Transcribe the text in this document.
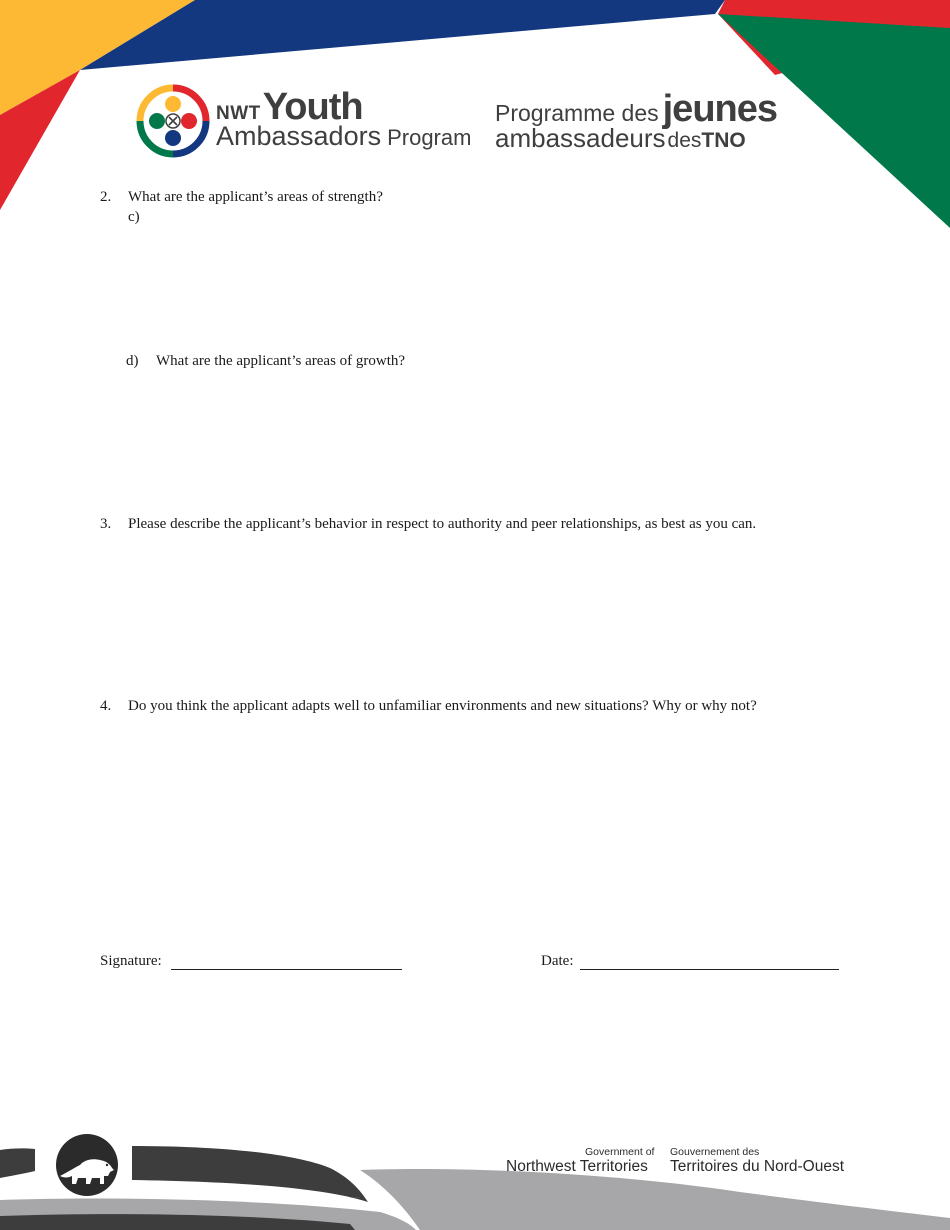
NWTYouth
Ambassadors Program
Programme des jeunes
ambassadeursdesTNO
2. What are the applicant’s areas of strength?
c)
d) What are the applicant’s areas of growth?
3. Please describe the applicant’s behavior in respect to authority and peer relationships, as best as you can.
4. Do you think the applicant adapts well to unfamiliar environments and new situations? Why or why not?
Signature:	Date:
Government of
Northwest Territories
Gouvernement des
Territoires du Nord-Ouest
